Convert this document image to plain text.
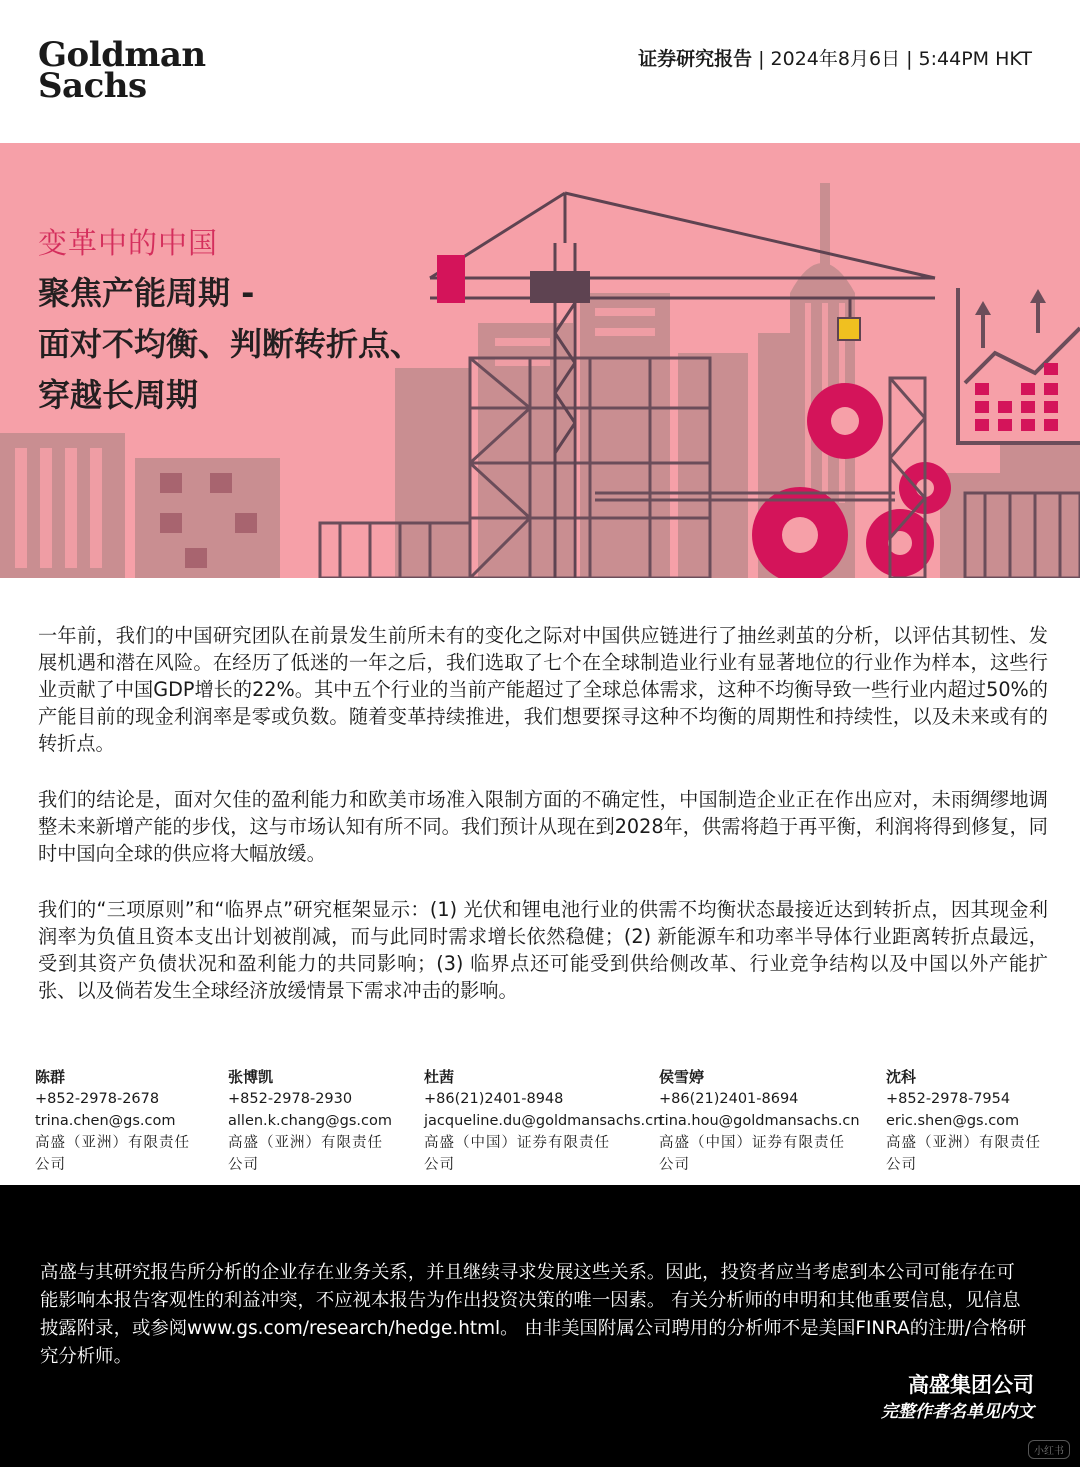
Goldman
Sachs
证券研究报告 | 2024年8月6日 | 5:44PM HKT
变革中的中国
聚焦产能周期 -
面对不均衡、判断转折点、
穿越长周期

一年前，我们的中国研究团队在前景发生前所未有的变化之际对中国供应链进行了抽丝剥茧的分析，以评估其韧性、发展机遇和潜在风险。在经历了低迷的一年之后，我们选取了七个在全球制造业行业有显著地位的行业作为样本，这些行业贡献了中国GDP增长的22%。其中五个行业的当前产能超过了全球总体需求，这种不均衡导致一些行业内超过50%的产能目前的现金利润率是零或负数。随着变革持续推进，我们想要探寻这种不均衡的周期性和持续性，以及未来或有的转折点。

我们的结论是，面对欠佳的盈利能力和欧美市场准入限制方面的不确定性，中国制造企业正在作出应对，未雨绸缪地调整未来新增产能的步伐，这与市场认知有所不同。我们预计从现在到2028年，供需将趋于再平衡，利润将得到修复，同时中国向全球的供应将大幅放缓。

我们的“三项原则”和“临界点”研究框架显示：(1) 光伏和锂电池行业的供需不均衡状态最接近达到转折点，因其现金利润率为负值且资本支出计划被削减，而与此同时需求增长依然稳健；(2) 新能源车和功率半导体行业距离转折点最远，受到其资产负债状况和盈利能力的共同影响；(3) 临界点还可能受到供给侧改革、行业竞争结构以及中国以外产能扩张、以及倘若发生全球经济放缓情景下需求冲击的影响。

陈群
+852-2978-2678
trina.chen@gs.com
高盛（亚洲）有限责任
公司
张博凯
+852-2978-2930
allen.k.chang@gs.com
高盛（亚洲）有限责任
公司
杜茜
+86(21)2401-8948
jacqueline.du@goldmansachs.cn
高盛（中国）证券有限责任
公司
侯雪婷
+86(21)2401-8694
tina.hou@goldmansachs.cn
高盛（中国）证券有限责任
公司
沈科
+852-2978-7954
eric.shen@gs.com
高盛（亚洲）有限责任
公司
高盛与其研究报告所分析的企业存在业务关系，并且继续寻求发展这些关系。因此，投资者应当考虑到本公司可能存在可能影响本报告客观性的利益冲突，不应视本报告为作出投资决策的唯一因素。 有关分析师的申明和其他重要信息，见信息披露附录，或参阅www.gs.com/research/hedge.html。 由非美国附属公司聘用的分析师不是美国FINRA的注册/合格研究分析师。
高盛集团公司
完整作者名单见内文
小红书
